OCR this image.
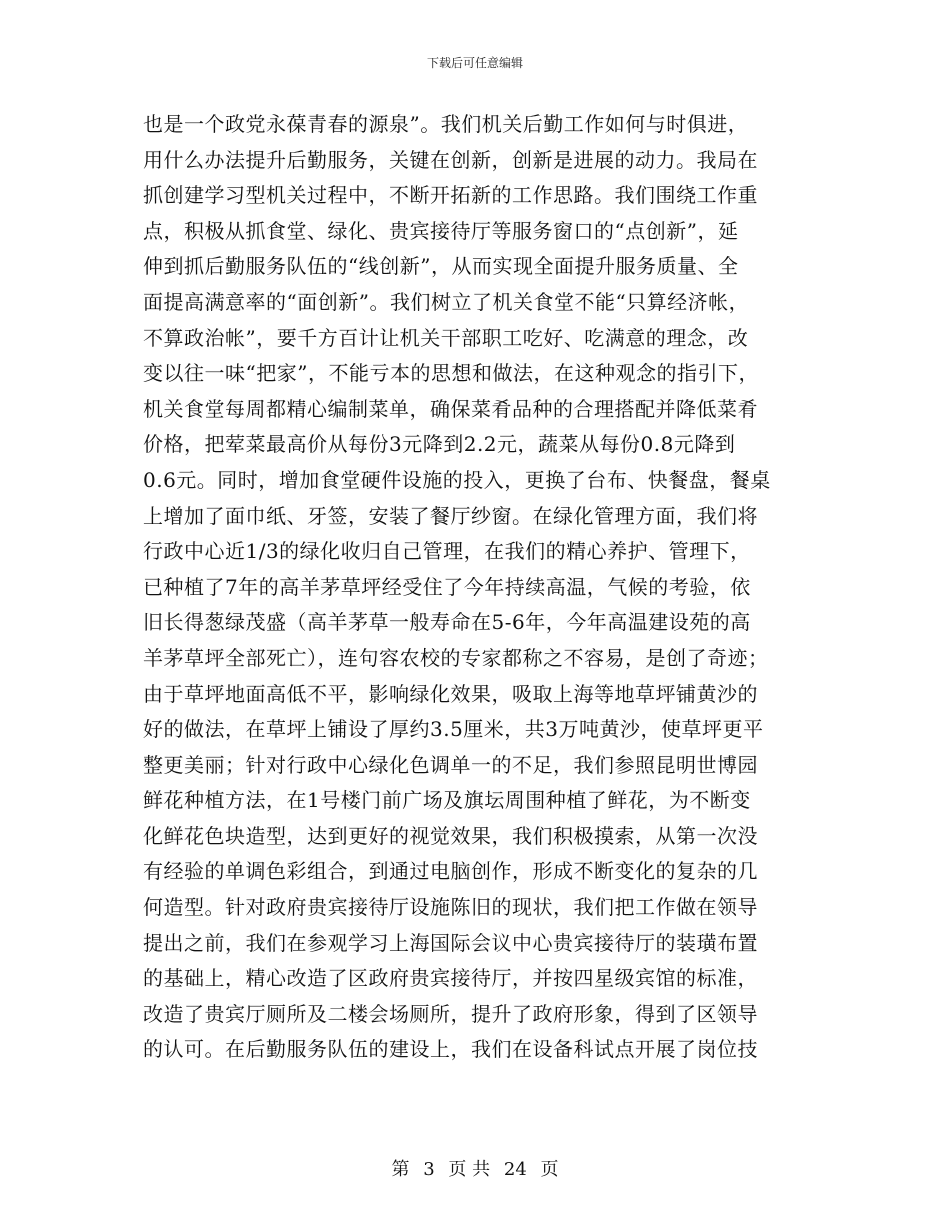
下载后可任意编辑
也是一个政党永葆青春的源泉”。我们机关后勤工作如何与时俱进，
用什么办法提升后勤服务，关键在创新，创新是进展的动力。我局在
抓创建学习型机关过程中，不断开拓新的工作思路。我们围绕工作重
点，积极从抓食堂、绿化、贵宾接待厅等服务窗口的“点创新”，延
伸到抓后勤服务队伍的“线创新”，从而实现全面提升服务质量、全
面提高满意率的“面创新”。我们树立了机关食堂不能“只算经济帐，
不算政治帐”，要千方百计让机关干部职工吃好、吃满意的理念，改
变以往一味“把家”，不能亏本的思想和做法，在这种观念的指引下，
机关食堂每周都精心编制菜单，确保菜肴品种的合理搭配并降低菜肴
价格，把荤菜最高价从每份3元降到2.2元，蔬菜从每份0.8元降到
0.6元。同时，增加食堂硬件设施的投入，更换了台布、快餐盘，餐桌
上增加了面巾纸、牙签，安装了餐厅纱窗。在绿化管理方面，我们将
行政中心近1/3的绿化收归自己管理，在我们的精心养护、管理下，
已种植了7年的高羊茅草坪经受住了今年持续高温，气候的考验，依
旧长得葱绿茂盛（高羊茅草一般寿命在5-6年，今年高温建设苑的高
羊茅草坪全部死亡），连句容农校的专家都称之不容易，是创了奇迹；
由于草坪地面高低不平，影响绿化效果，吸取上海等地草坪铺黄沙的
好的做法，在草坪上铺设了厚约3.5厘米，共3万吨黄沙，使草坪更平
整更美丽；针对行政中心绿化色调单一的不足，我们参照昆明世博园
鲜花种植方法，在1号楼门前广场及旗坛周围种植了鲜花，为不断变
化鲜花色块造型，达到更好的视觉效果，我们积极摸索，从第一次没
有经验的单调色彩组合，到通过电脑创作，形成不断变化的复杂的几
何造型。针对政府贵宾接待厅设施陈旧的现状，我们把工作做在领导
提出之前，我们在参观学习上海国际会议中心贵宾接待厅的装璜布置
的基础上，精心改造了区政府贵宾接待厅，并按四星级宾馆的标准，
改造了贵宾厅厕所及二楼会场厕所，提升了政府形象，得到了区领导
的认可。在后勤服务队伍的建设上，我们在设备科试点开展了岗位技
第 3 页 共 24 页
